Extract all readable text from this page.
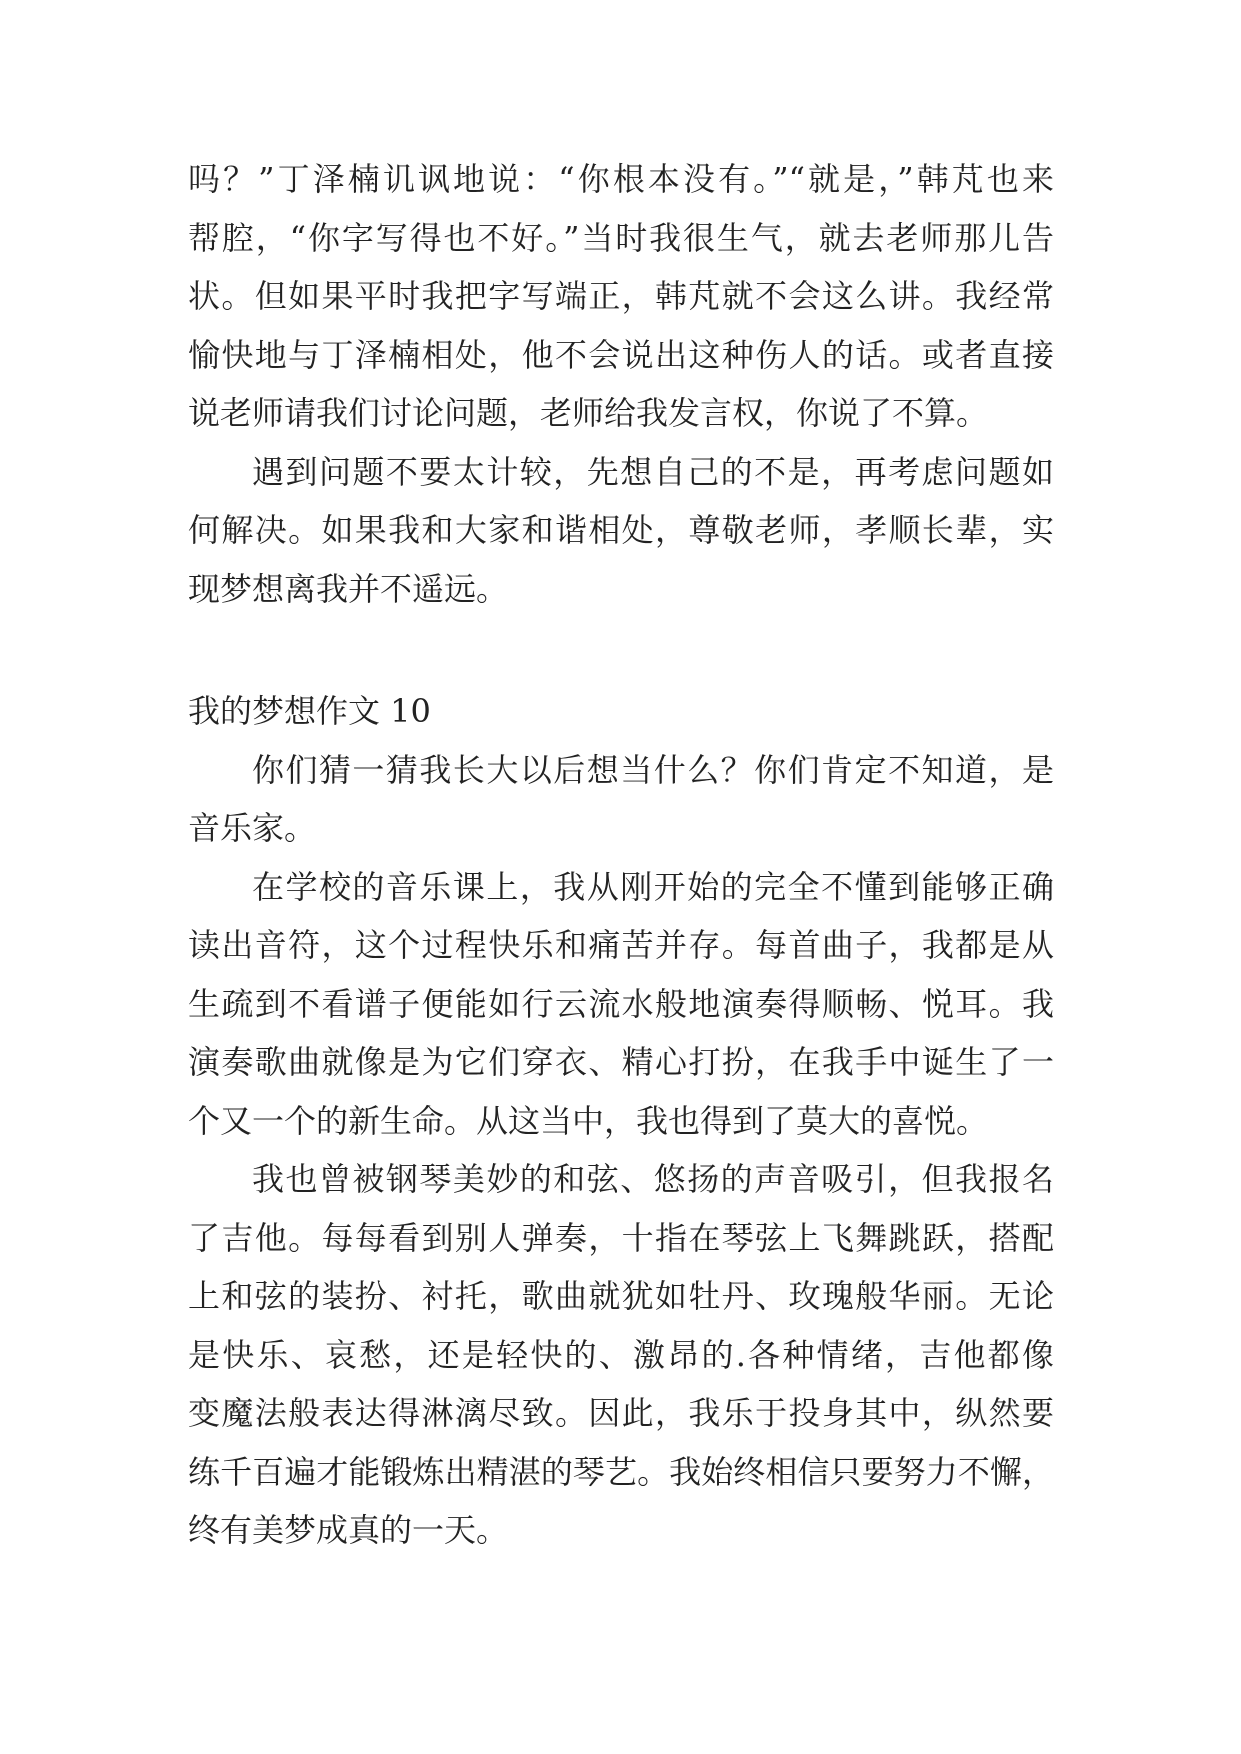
吗？”丁泽楠讥讽地说：“你根本没有。”“就是，”韩芃也来
帮腔，“你字写得也不好。”当时我很生气，就去老师那儿告
状。但如果平时我把字写端正，韩芃就不会这么讲。我经常
愉快地与丁泽楠相处，他不会说出这种伤人的话。或者直接
说老师请我们讨论问题，老师给我发言权，你说了不算。
遇到问题不要太计较，先想自己的不是，再考虑问题如
何解决。如果我和大家和谐相处，尊敬老师，孝顺长辈，实
现梦想离我并不遥远。
我的梦想作文 10
你们猜一猜我长大以后想当什么？你们肯定不知道，是
音乐家。
在学校的音乐课上，我从刚开始的完全不懂到能够正确
读出音符，这个过程快乐和痛苦并存。每首曲子，我都是从
生疏到不看谱子便能如行云流水般地演奏得顺畅、悦耳。我
演奏歌曲就像是为它们穿衣、精心打扮，在我手中诞生了一
个又一个的新生命。从这当中，我也得到了莫大的喜悦。
我也曾被钢琴美妙的和弦、悠扬的声音吸引，但我报名
了吉他。每每看到别人弹奏，十指在琴弦上飞舞跳跃，搭配
上和弦的装扮、衬托，歌曲就犹如牡丹、玫瑰般华丽。无论
是快乐、哀愁，还是轻快的、激昂的.各种情绪，吉他都像
变魔法般表达得淋漓尽致。因此，我乐于投身其中，纵然要
练千百遍才能锻炼出精湛的琴艺。我始终相信只要努力不懈，
终有美梦成真的一天。
